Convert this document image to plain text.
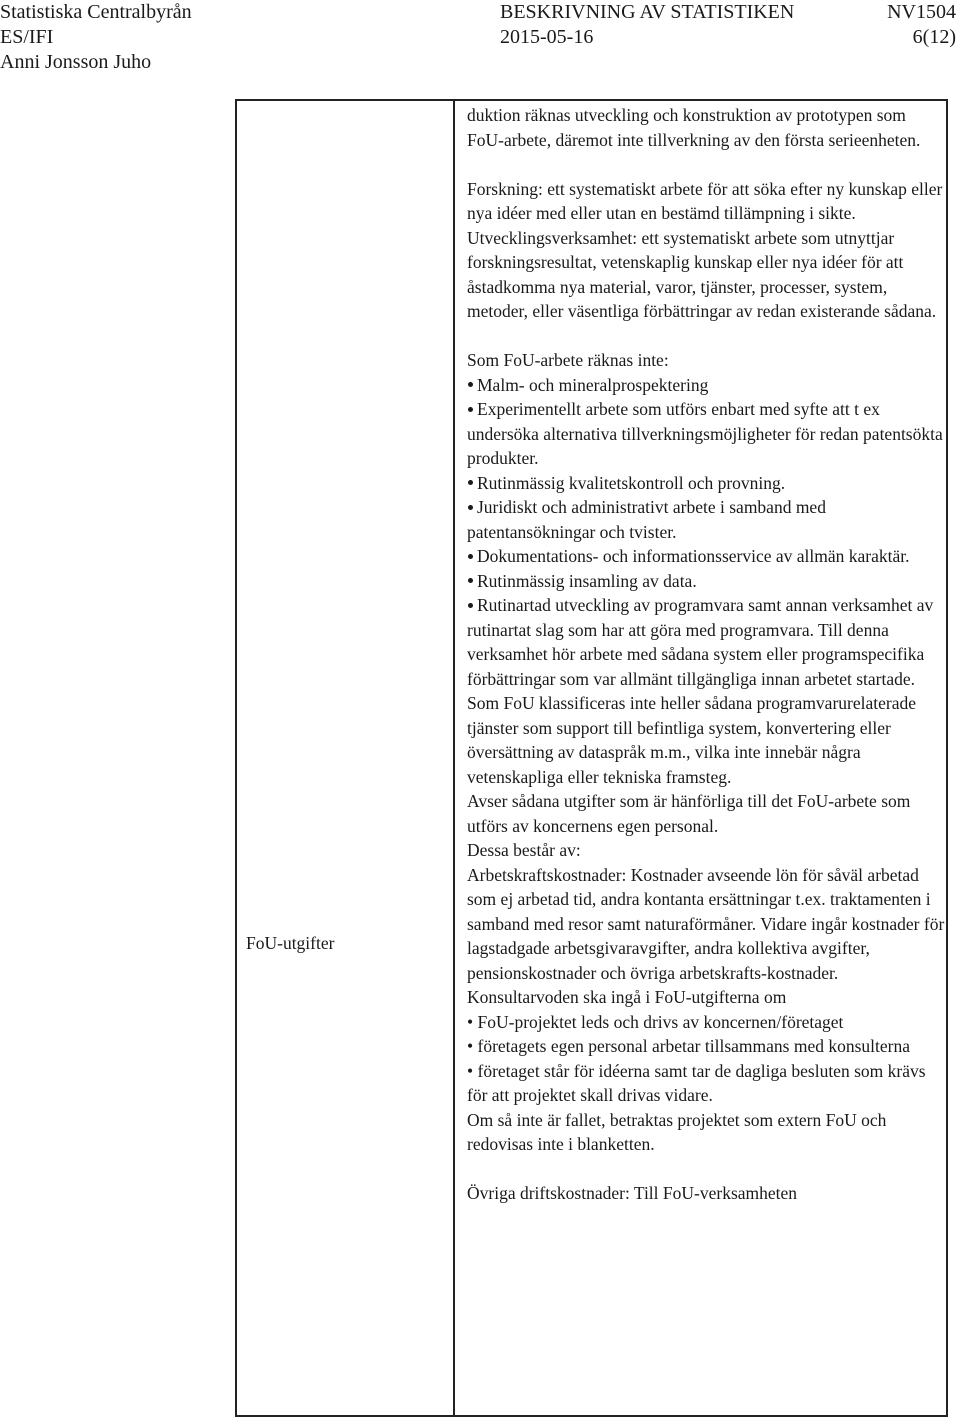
Statistiska Centralbyrån	BESKRIVNING AV STATISTIKEN	NV1504
ES/IFI	2015-05-16	6(12)
Anni Jonsson Juho
FoU-utgifter

duktion räknas utveckling och konstruktion av prototypen som FoU-arbete, däremot inte tillverkning av den första serieenheten.

Forskning: ett systematiskt arbete för att söka efter ny kunskap eller nya idéer med eller utan en bestämd tillämpning i sikte.

Utvecklingsverksamhet: ett systematiskt arbete som utnyttjar forskningsresultat, vetenskaplig kunskap eller nya idéer för att åstadkomma nya material, varor, tjänster, processer, system, metoder, eller väsentliga förbättringar av redan existerande sådana.

Som FoU-arbete räknas inte:

Malm- och mineralprospektering

Experimentellt arbete som utförs enbart med syfte att t ex undersöka alternativa tillverkningsmöjligheter för redan patentsökta produkter.

Rutinmässig kvalitetskontroll och provning.

Juridiskt och administrativt arbete i samband med patentansökningar och tvister.

Dokumentations- och informationsservice av allmän karaktär.

Rutinmässig insamling av data.

Rutinartad utveckling av programvara samt annan verksamhet av rutinartat slag som har att göra med programvara. Till denna verksamhet hör arbete med sådana system eller programspecifika förbättringar som var allmänt tillgängliga innan arbetet startade. Som FoU klassificeras inte heller sådana programvarurelaterade tjänster som support till befintliga system, konvertering eller översättning av dataspråk m.m., vilka inte innebär några vetenskapliga eller tekniska framsteg.

Avser sådana utgifter som är hänförliga till det FoU-arbete som utförs av koncernens egen personal.

Dessa består av:

Arbetskraftskostnader: Kostnader avseende lön för såväl arbetad som ej arbetad tid, andra kontanta ersättningar t.ex. traktamenten i samband med resor samt naturaförmåner. Vidare ingår kostnader för lagstadgade arbetsgivaravgifter, andra kollektiva avgifter, pensionskostnader och övriga arbetskrafts-kostnader. Konsultarvoden ska ingå i FoU-utgifterna om

• FoU-projektet leds och drivs av koncernen/företaget

• företagets egen personal arbetar tillsammans med konsulterna

• företaget står för idéerna samt tar de dagliga besluten som krävs för att projektet skall drivas vidare.

Om så inte är fallet, betraktas projektet som extern FoU och redovisas inte i blanketten.

Övriga driftskostnader: Till FoU-verksamheten
